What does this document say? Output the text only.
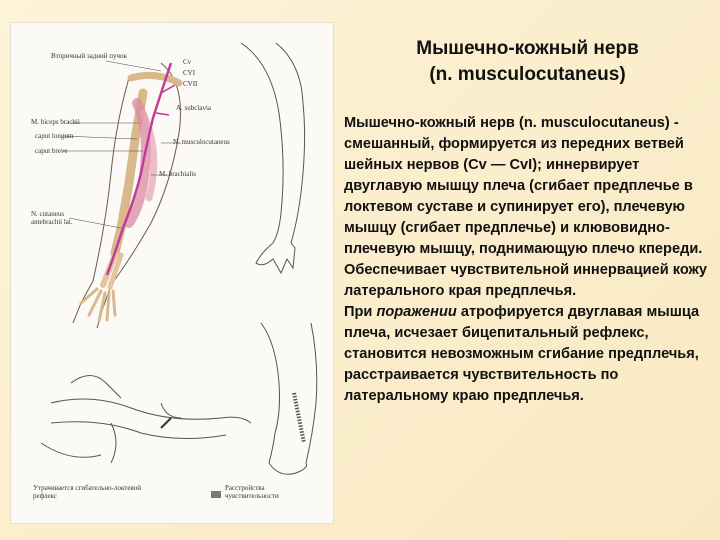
Вторичный задний пучок
Cv
CVI
CVII
A. subclavia
M. biceps brachii
caput longum
caput breve
N. musculocutaneus
M. brachialis
N. cutaneus antebrachii lat.
Утрачивается сгибательно-локтевой рефлекс
Расстройства чувствительности
Мышечно-кожный нерв
(n. musculocutaneus)

Мышечно-кожный нерв (n. musculocutaneus) - смешанный, формируется из передних ветвей шейных нервов (Cv — CvI); иннервирует двуглавую мышцу плеча (сгибает предплечье в локтевом суставе и супинирует его), плечевую мышцу (сгибает предплечье) и клювовидно-плечевую мышцу, поднимающую плечо кпереди. Обеспечивает чувствительной иннервацией кожу латерального края предплечья.

При поражении атрофируется двуглавая мышца плеча, исчезает бицепитальный рефлекс, становится невозможным сгибание предплечья, расстраивается чувствительность по латеральному краю предплечья.
